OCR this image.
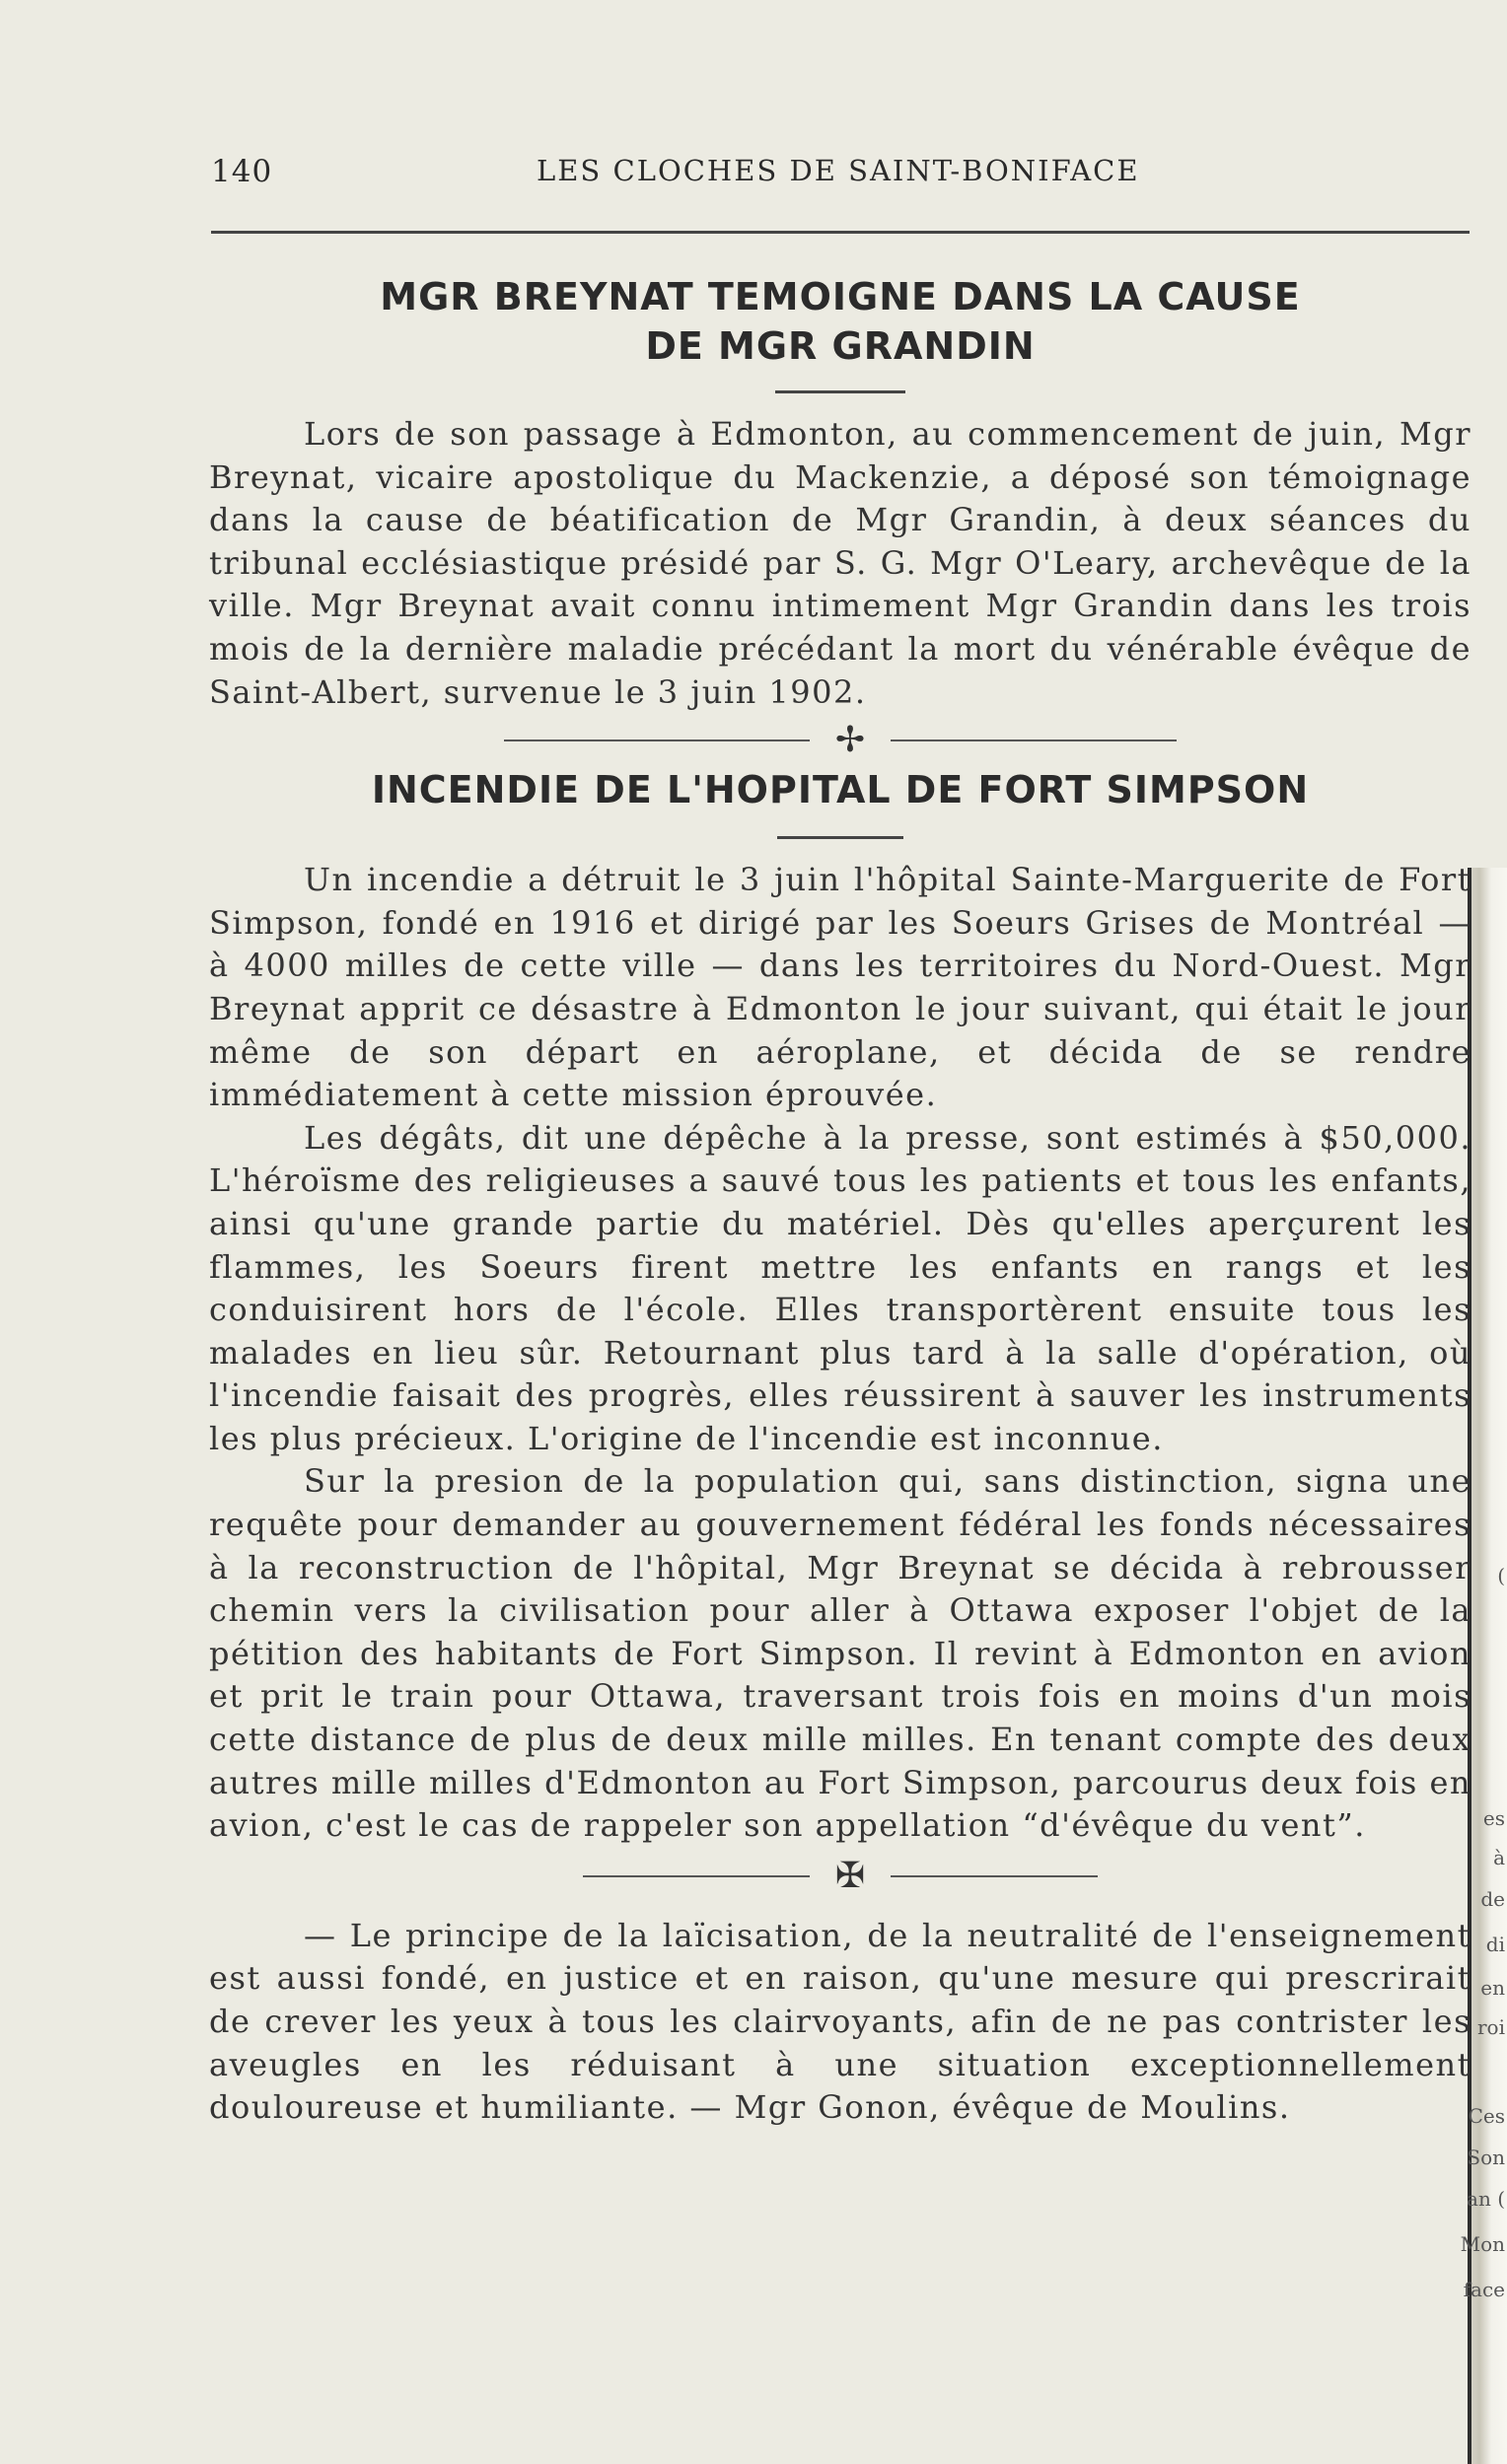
(
es
à
de
di
en
roi
Ces
Son
an (
Mon
face
140	LES CLOCHES DE SAINT-BONIFACE
MGR BREYNAT TEMOIGNE DANS LA CAUSE
DE MGR GRANDIN

Lors de son passage à Edmonton, au commencement de juin, Mgr Breynat, vicaire apostolique du Mackenzie, a déposé son témoignage dans la cause de béatification de Mgr Grandin, à deux séances du tribunal ecclésiastique présidé par S. G. Mgr O'Leary, archevêque de la ville. Mgr Breynat avait connu intimement Mgr Grandin dans les trois mois de la dernière maladie précédant la mort du vénérable évêque de Saint-Albert, survenue le 3 juin 1902.

✢
INCENDIE DE L'HOPITAL DE FORT SIMPSON

Un incendie a détruit le 3 juin l'hôpital Sainte-Marguerite de Fort Simpson, fondé en 1916 et dirigé par les Soeurs Grises de Montréal — à 4000 milles de cette ville — dans les territoires du Nord-Ouest. Mgr Breynat apprit ce désastre à Edmonton le jour suivant, qui était le jour même de son départ en aéroplane, et décida de se rendre immédiatement à cette mission éprouvée.

Les dégâts, dit une dépêche à la presse, sont estimés à $50,000. L'héroïsme des religieuses a sauvé tous les patients et tous les enfants, ainsi qu'une grande partie du matériel. Dès qu'elles aperçurent les flammes, les Soeurs firent mettre les enfants en rangs et les conduisirent hors de l'école. Elles transportèrent ensuite tous les malades en lieu sûr. Retournant plus tard à la salle d'opération, où l'incendie faisait des progrès, elles réussirent à sauver les instruments les plus précieux. L'origine de l'incendie est inconnue.

Sur la presion de la population qui, sans distinction, signa une requête pour demander au gouvernement fédéral les fonds nécessaires à la reconstruction de l'hôpital, Mgr Breynat se décida à rebrousser chemin vers la civilisation pour aller à Ottawa exposer l'objet de la pétition des habitants de Fort Simpson. Il revint à Edmonton en avion et prit le train pour Ottawa, traversant trois fois en moins d'un mois cette distance de plus de deux mille milles. En tenant compte des deux autres mille milles d'Edmonton au Fort Simpson, parcourus deux fois en avion, c'est le cas de rappeler son appellation “d'évêque du vent”.

✠

— Le principe de la laïcisation, de la neutralité de l'enseignement est aussi fondé, en justice et en raison, qu'une mesure qui prescrirait de crever les yeux à tous les clairvoyants, afin de ne pas contrister les aveugles en les réduisant à une situation exceptionnellement douloureuse et humiliante. — Mgr Gonon, évêque de Moulins.
